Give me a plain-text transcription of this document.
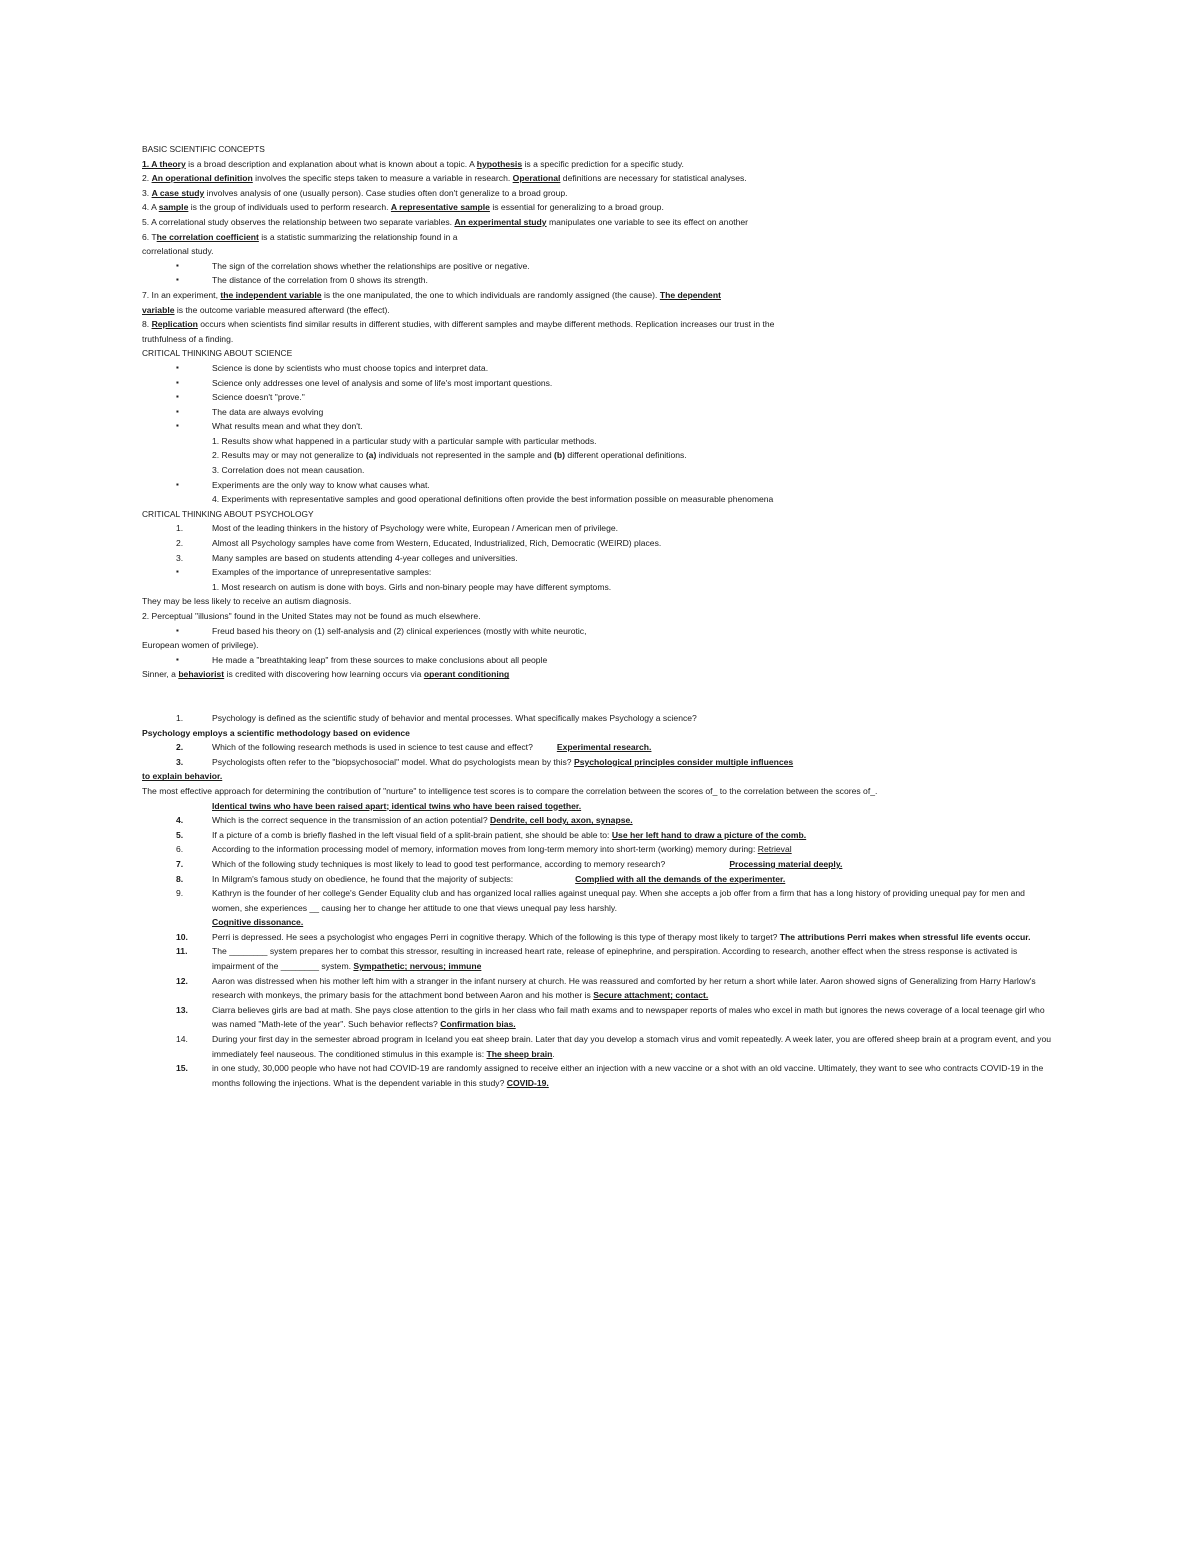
BASIC SCIENTIFIC CONCEPTS
1. A theory is a broad description and explanation about what is known about a topic. A hypothesis is a specific prediction for a specific study.
2. An operational definition involves the specific steps taken to measure a variable in research. Operational definitions are necessary for statistical analyses.
3. A case study involves analysis of one (usually person). Case studies often don't generalize to a broad group.
4. A sample is the group of individuals used to perform research. A representative sample is essential for generalizing to a broad group.
5. A correlational study observes the relationship between two separate variables. An experimental study manipulates one variable to see its effect on another
6. The correlation coefficient is a statistic summarizing the relationship found in a
correlational study.
▪	The sign of the correlation shows whether the relationships are positive or negative.
▪	The distance of the correlation from 0 shows its strength.
7. In an experiment, the independent variable is the one manipulated, the one to which individuals are randomly assigned (the cause). The dependent
variable is the outcome variable measured afterward (the effect).
8. Replication occurs when scientists find similar results in different studies, with different samples and maybe different methods. Replication increases our trust in the
truthfulness of a finding.
CRITICAL THINKING ABOUT SCIENCE
▪	Science is done by scientists who must choose topics and interpret data.
▪	Science only addresses one level of analysis and some of life's most important questions.
▪	Science doesn't "prove."
▪	The data are always evolving
▪	What results mean and what they don't.
1. Results show what happened in a particular study with a particular sample with particular methods.
2. Results may or may not generalize to (a) individuals not represented in the sample and (b) different operational definitions.
3. Correlation does not mean causation.
▪	Experiments are the only way to know what causes what.
4. Experiments with representative samples and good operational definitions often provide the best information possible on measurable phenomena
CRITICAL THINKING ABOUT PSYCHOLOGY
1.	Most of the leading thinkers in the history of Psychology were white, European / American men of privilege.
2.	Almost all Psychology samples have come from Western, Educated, Industrialized, Rich, Democratic (WEIRD) places.
3.	Many samples are based on students attending 4-year colleges and universities.
▪	Examples of the importance of unrepresentative samples:
1. Most research on autism is done with boys. Girls and non-binary people may have different symptoms.
They may be less likely to receive an autism diagnosis.
2. Perceptual "illusions" found in the United States may not be found as much elsewhere.
▪	Freud based his theory on (1) self-analysis and (2) clinical experiences (mostly with white neurotic,
European women of privilege).
▪	He made a "breathtaking leap" from these sources to make conclusions about all people
Sinner, a behaviorist is credited with discovering how learning occurs via operant conditioning
1.	Psychology is defined as the scientific study of behavior and mental processes. What specifically makes Psychology a science?
Psychology employs a scientific methodology based on evidence
2.	Which of the following research methods is used in science to test cause and effect?	Experimental research.
3.	Psychologists often refer to the "biopsychosocial" model. What do psychologists mean by this? Psychological principles consider multiple influences
to explain behavior.
The most effective approach for determining the contribution of "nurture" to intelligence test scores is to compare the correlation between the scores of_ to the correlation between the scores of_.
Identical twins who have been raised apart; identical twins who have been raised together.
4.	Which is the correct sequence in the transmission of an action potential? Dendrite, cell body, axon, synapse.
5.	If a picture of a comb is briefly flashed in the left visual field of a split-brain patient, she should be able to: Use her left hand to draw a picture of the comb.
6.	According to the information processing model of memory, information moves from long-term memory into short-term (working) memory during: Retrieval
7.	Which of the following study techniques is most likely to lead to good test performance, according to memory research?	Processing material deeply.
8.	In Milgram's famous study on obedience, he found that the majority of subjects:	Complied with all the demands of the experimenter.
9.	Kathryn is the founder of her college's Gender Equality club and has organized local rallies against unequal pay. When she accepts a job offer from a firm that has a long history of providing unequal pay for men and women, she experiences __ causing her to change her attitude to one that views unequal pay less harshly.
Cognitive dissonance.
10.	Perri is depressed. He sees a psychologist who engages Perri in cognitive therapy. Which of the following is this type of therapy most likely to target? The attributions Perri makes when stressful life events occur.
11.	The ________ system prepares her to combat this stressor, resulting in increased heart rate, release of epinephrine, and perspiration. According to research, another effect when the stress response is activated is impairment of the ________ system. Sympathetic; nervous; immune
12.	Aaron was distressed when his mother left him with a stranger in the infant nursery at church. He was reassured and comforted by her return a short while later. Aaron showed signs of Generalizing from Harry Harlow's research with monkeys, the primary basis for the attachment bond between Aaron and his mother is Secure attachment; contact.
13.	Ciarra believes girls are bad at math. She pays close attention to the girls in her class who fail math exams and to newspaper reports of males who excel in math but ignores the news coverage of a local teenage girl who was named "Math-lete of the year". Such behavior reflects? Confirmation bias.
14.	During your first day in the semester abroad program in Iceland you eat sheep brain. Later that day you develop a stomach virus and vomit repeatedly. A week later, you are offered sheep brain at a program event, and you immediately feel nauseous. The conditioned stimulus in this example is: The sheep brain.
15.	in one study, 30,000 people who have not had COVID-19 are randomly assigned to receive either an injection with a new vaccine or a shot with an old vaccine. Ultimately, they want to see who contracts COVID-19 in the months following the injections. What is the dependent variable in this study? COVID-19.
